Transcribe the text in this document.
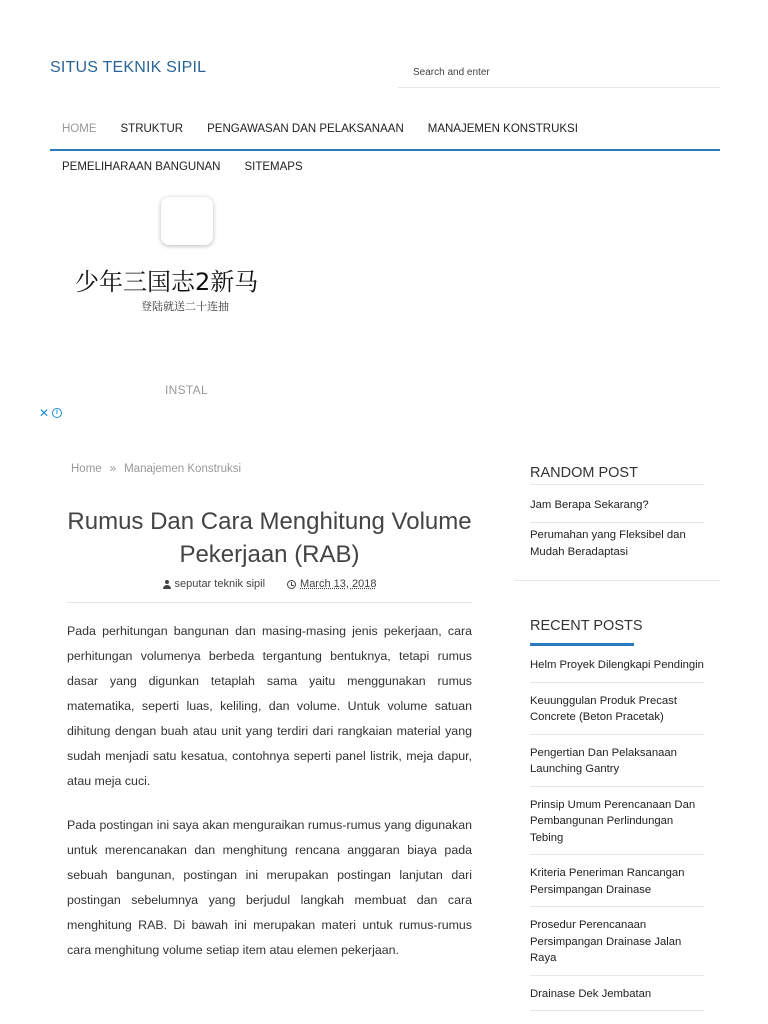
SITUS TEKNIK SIPIL
Search and enter
HOME	STRUKTUR	PENGAWASAN DAN PELAKSANAAN	MANAJEMEN KONSTRUKSI
PEMELIHARAAN BANGUNAN	SITEMAPS
少年三国志2新马
登陆就送二十连抽
INSTAL
✕ i
Home » Manajemen Konstruksi
Rumus Dan Cara Menghitung Volume Pekerjaan (RAB)
seputar teknik sipil	March 13, 2018

Pada perhitungan bangunan dan masing-masing jenis pekerjaan, cara perhitungan volumenya berbeda tergantung bentuknya, tetapi rumus dasar yang digunkan tetaplah sama yaitu menggunakan rumus matematika, seperti luas, keliling, dan volume. Untuk volume satuan dihitung dengan buah atau unit yang terdiri dari rangkaian material yang sudah menjadi satu kesatua, contohnya seperti panel listrik, meja dapur, atau meja cuci.

Pada postingan ini saya akan menguraikan rumus-rumus yang digunakan untuk merencanakan dan menghitung rencana anggaran biaya pada sebuah bangunan, postingan ini merupakan postingan lanjutan dari postingan sebelumnya yang berjudul langkah membuat dan cara menghitung RAB. Di bawah ini merupakan materi untuk rumus-rumus cara menghitung volume setiap item atau elemen pekerjaan.

RANDOM POST
Jam Berapa Sekarang?
Perumahan yang Fleksibel dan Mudah Beradaptasi
RECENT POSTS
Helm Proyek Dilengkapi Pendingin
Keuunggulan Produk Precast Concrete (Beton Pracetak)
Pengertian Dan Pelaksanaan Launching Gantry
Prinsip Umum Perencanaan Dan Pembangunan Perlindungan Tebing
Kriteria Peneriman Rancangan Persimpangan Drainase
Prosedur Perencanaan Persimpangan Drainase Jalan Raya
Drainase Dek Jembatan
